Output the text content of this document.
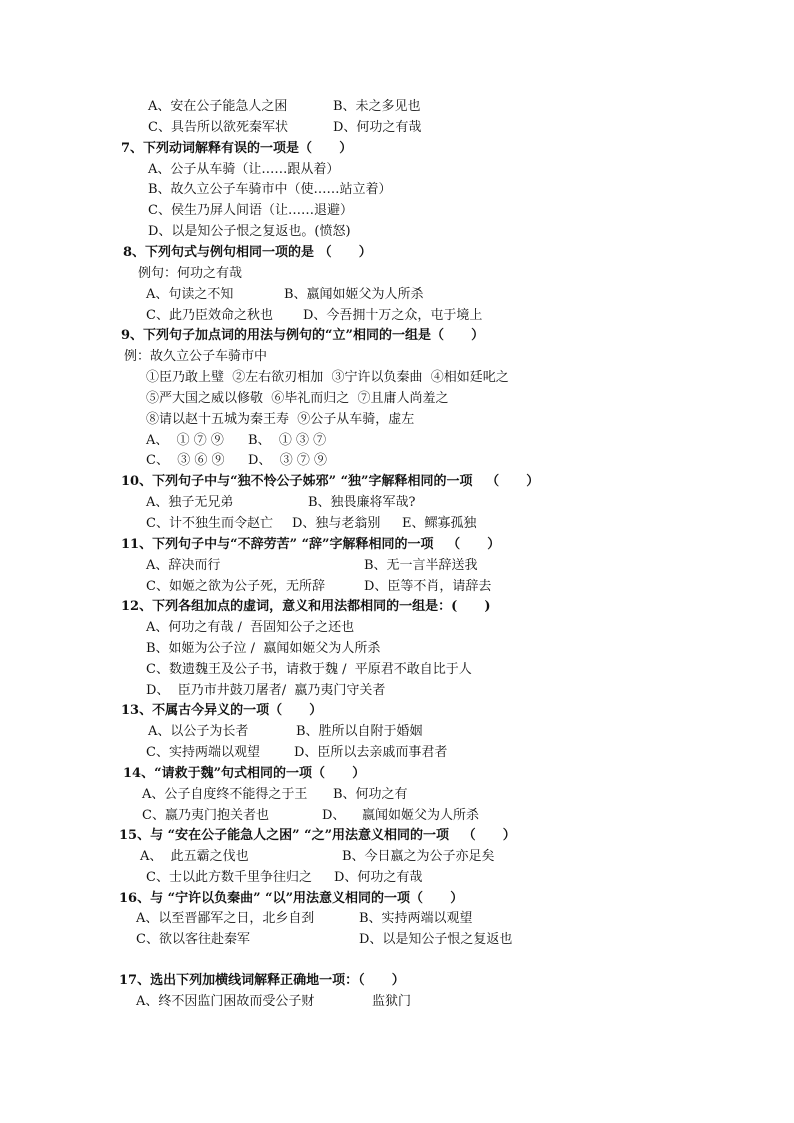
A、安在公子能急人之困

	B、未之多见也

C、具告所以欲死秦军状

	D、何功之有哉

7、下列动词解释有误的一项是（      ）
A、公子从车骑（让……跟从着）
B、故久立公子车骑市中（使……站立着）
C、侯生乃屏人间语（让……退避）
D、以是知公子恨之复返也。(愤怒)
8、下列句式与例句相同一项的是 （      ）
例句：何功之有哉

A、句读之不知

	B、嬴闻如姬父为人所杀

C、此乃臣效命之秋也

D、今吾拥十万之众，屯于境上

9、下列句子加点词的用法与例句的“立”相同的一组是（      ）
例：故久立公子车骑市中
①臣乃敢上璧  ②左右欲刃相加  ③宁许以负秦曲  ④相如廷叱之
⑤严大国之威以修敬  ⑥毕礼而归之  ⑦且庸人尚羞之
⑧请以赵十五城为秦王寿  ⑨公子从车骑，虚左

A、  ① ⑦ ⑨

B、  ① ③ ⑦

C、  ③ ⑥ ⑨

D、  ③ ⑦ ⑨

10、下列句子中与“独不怜公子姊邪” “独”字解释相同的一项   （      ）

A、独子无兄弟

	B、独畏廉将军哉?

C、计不独生而令赵亡

D、独与老翁别

E、鳏寡孤独

11、下列句子中与“不辞劳苦” “辞”字解释相同的一项   （      ）

A、辞决而行

	B、无一言半辞送我

C、如姬之欲为公子死，无所辞

	D、臣等不肖，请辞去

12、下列各组加点的虚词，意义和用法都相同的一组是：(      )
A、何功之有哉 /  吾固知公子之还也
B、如姬为公子泣 /  嬴闻如姬父为人所杀
C、数遗魏王及公子书，请救于魏 /  平原君不敢自比于人
D、  臣乃市井鼓刀屠者/  嬴乃夷门守关者
13、不属古今异义的一项（      ）

A、以公子为长者

	B、胜所以自附于婚姻

C、实持两端以观望

	D、臣所以去亲戚而事君者

14、“请救于魏”句式相同的一项（      ）

A、公子自度终不能得之于王

B、何功之有

C、嬴乃夷门抱关者也

	D、    嬴闻如姬父为人所杀

15、与 “安在公子能急人之困” “之”用法意义相同的一项   （      ）

A、  此五霸之伐也

	B、今日嬴之为公子亦足矣

C、士以此方数千里争往归之

D、何功之有哉

16、与 “宁许以负秦曲” “以”用法意义相同的一项（      ）

A、以至晋鄙军之日，北乡自刭

	B、实持两端以观望

C、欲以客往赴秦军

	D、以是知公子恨之复返也

17、选出下列加横线词解释正确地一项：（      ）

A、终不因监门困故而受公子财

	监狱门
